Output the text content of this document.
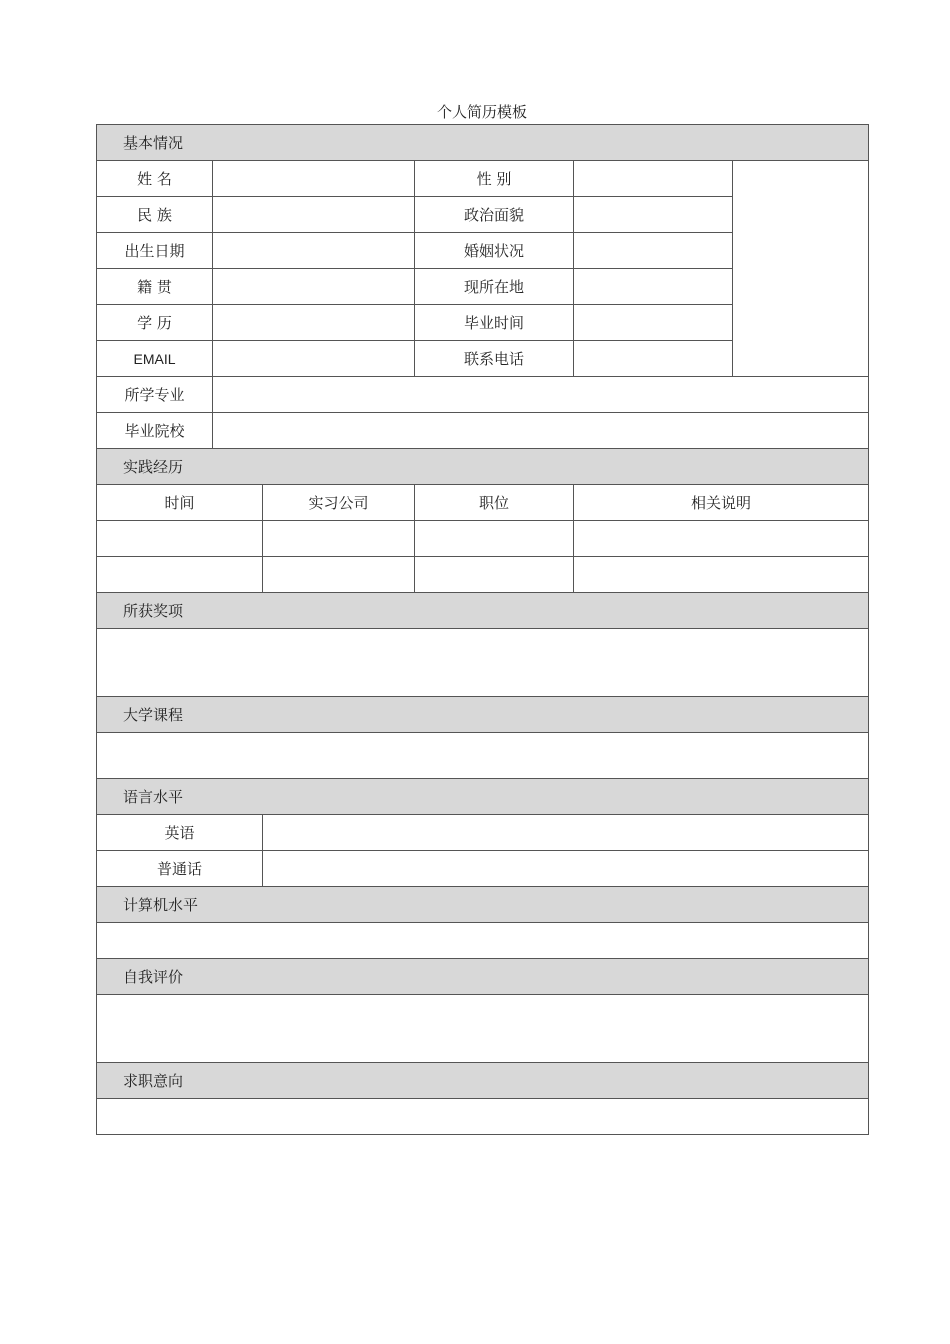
个人简历模板
基本情况					
姓 名			性 别		
民 族			政治面貌		
出生日期			婚姻状况		
籍 贯			现所在地		
学 历			毕业时间		
EMAIL			联系电话		
所学专业					
毕业院校					
实践经历					
时间		实习公司	职位	相关说明	

所获奖项					

大学课程					

语言水平					
英语					
普通话					
计算机水平					

自我评价					

求职意向					
